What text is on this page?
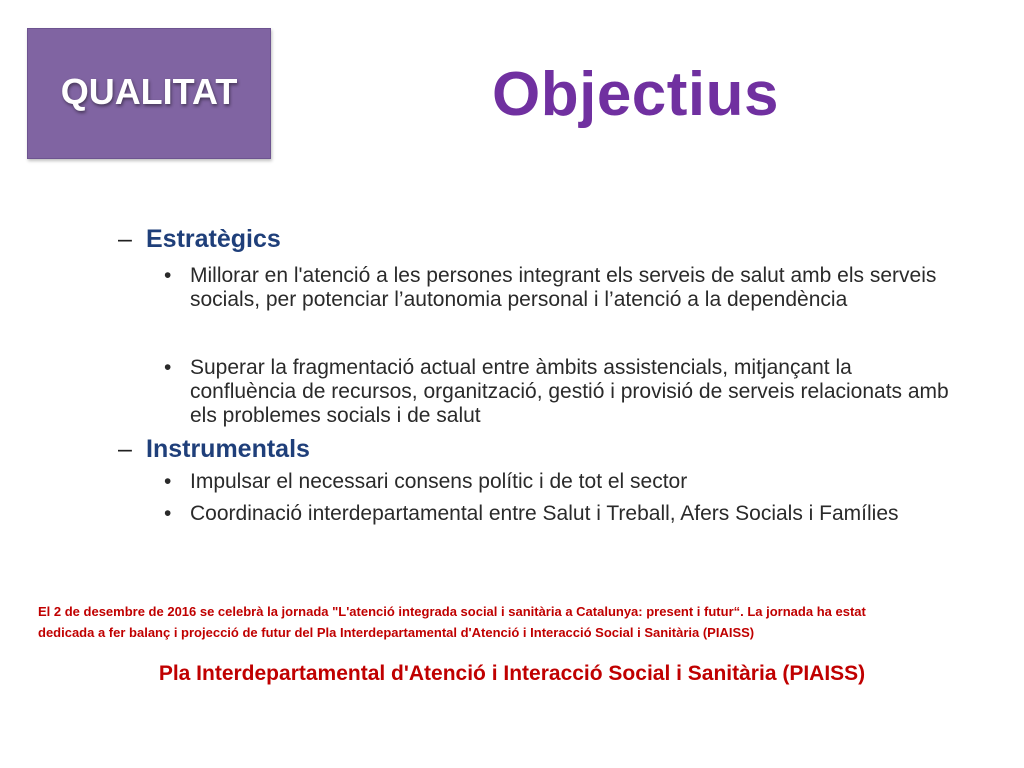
QUALITAT	Objectius
– Estratègics
• Millorar en l'atenció a les persones integrant els serveis de salut amb els serveis socials, per potenciar l’autonomia personal i l’atenció a la dependència
• Superar la fragmentació actual entre àmbits assistencials, mitjançant la confluència de recursos, organització, gestió i provisió de serveis relacionats amb els problemes socials i de salut
– Instrumentals
• Impulsar el necessari consens polític i de tot el sector
• Coordinació interdepartamental entre Salut i Treball, Afers Socials i Famílies
El 2 de desembre de 2016 se celebrà la jornada "L'atenció integrada social i sanitària a Catalunya: present i futur“. La jornada ha estat
dedicada a fer balanç i projecció de futur del Pla Interdepartamental d'Atenció i Interacció Social i Sanitària (PIAISS)
Pla Interdepartamental d'Atenció i Interacció Social i Sanitària (PIAISS)
